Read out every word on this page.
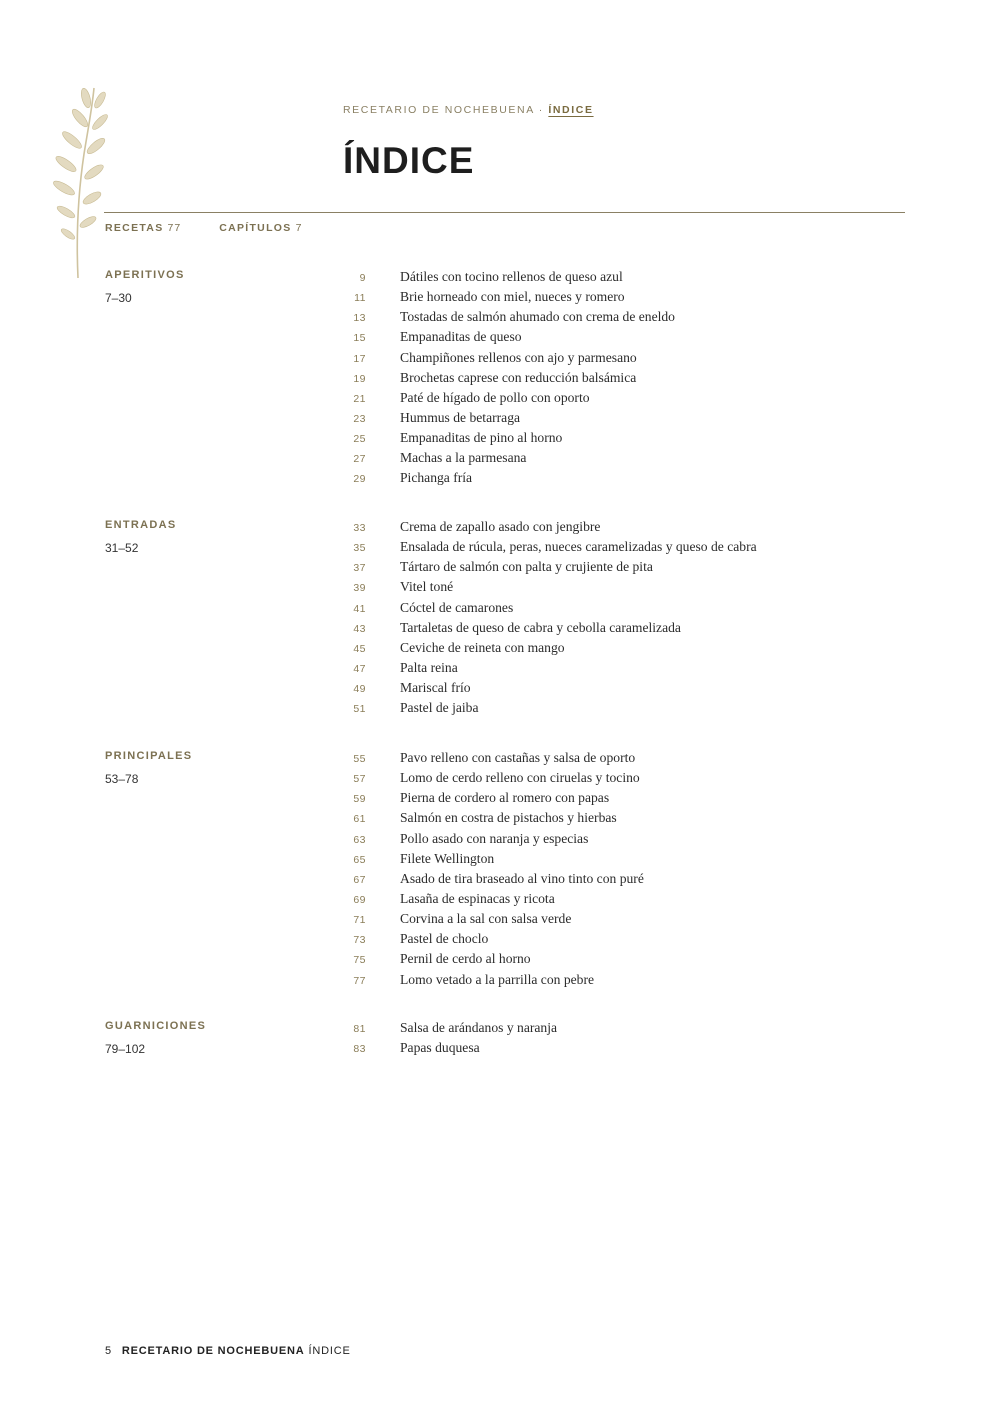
RECETARIO DE NOCHEBUENA · ÍNDICE

ÍNDICE
RECETAS 77	CAPÍTULOS 7

APERITIVOS

7–30
9	Dátiles con tocino rellenos de queso azul
11	Brie horneado con miel, nueces y romero
13	Tostadas de salmón ahumado con crema de eneldo
15	Empanaditas de queso
17	Champiñones rellenos con ajo y parmesano
19	Brochetas caprese con reducción balsámica
21	Paté de hígado de pollo con oporto
23	Hummus de betarraga
25	Empanaditas de pino al horno
27	Machas a la parmesana
29	Pichanga fría

ENTRADAS

31–52
33	Crema de zapallo asado con jengibre
35	Ensalada de rúcula, peras, nueces caramelizadas y queso de cabra
37	Tártaro de salmón con palta y crujiente de pita
39	Vitel toné
41	Cóctel de camarones
43	Tartaletas de queso de cabra y cebolla caramelizada
45	Ceviche de reineta con mango
47	Palta reina
49	Mariscal frío
51	Pastel de jaiba

PRINCIPALES

53–78
55	Pavo relleno con castañas y salsa de oporto
57	Lomo de cerdo relleno con ciruelas y tocino
59	Pierna de cordero al romero con papas
61	Salmón en costra de pistachos y hierbas
63	Pollo asado con naranja y especias
65	Filete Wellington
67	Asado de tira braseado al vino tinto con puré
69	Lasaña de espinacas y ricota
71	Corvina a la sal con salsa verde
73	Pastel de choclo
75	Pernil de cerdo al horno
77	Lomo vetado a la parrilla con pebre

GUARNICIONES

79–102
81	Salsa de arándanos y naranja
83	Papas duquesa
5 RECETARIO DE NOCHEBUENA ÍNDICE
